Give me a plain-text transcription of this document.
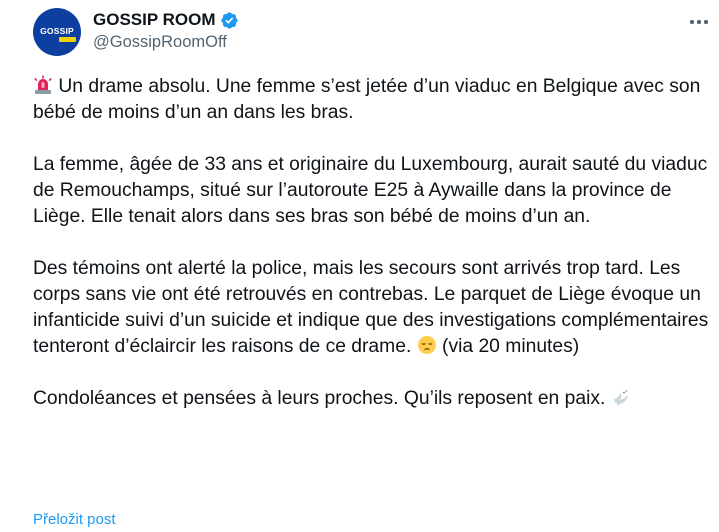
GOSSIP
GOSSIP ROOM
@GossipRoomOff

Un drame absolu. Une femme s’est jetée d’un viaduc en Belgique avec son bébé de moins d’un an dans les bras.

La femme, âgée de 33 ans et originaire du Luxembourg, aurait sauté du viaduc de Remouchamps, situé sur l’autoroute E25 à Aywaille dans la province de Liège. Elle tenait alors dans ses bras son bébé de moins d’un an.

Des témoins ont alerté la police, mais les secours sont arrivés trop tard. Les corps sans vie ont été retrouvés en contrebas. Le parquet de Liège évoque un infanticide suivi d’un suicide et indique que des investigations complémentaires tenteront d’éclaircir les raisons de ce drame. (via 20 minutes)

Condoléances et pensées à leurs proches. Qu’ils reposent en paix.

Přeložit post
